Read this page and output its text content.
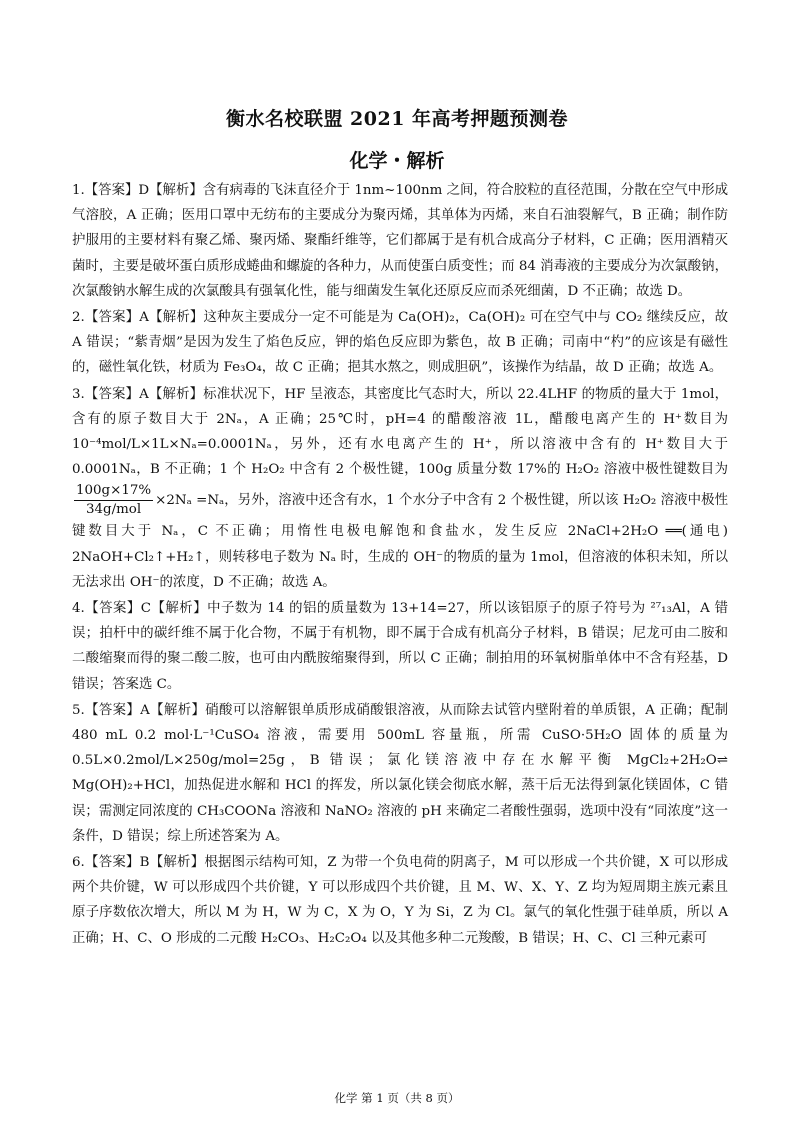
衡水名校联盟 2021 年高考押题预测卷
化学・解析

1.【答案】D【解析】含有病毒的飞沫直径介于 1nm~100nm 之间，符合胶粒的直径范围，分散在空气中形成气溶胶，A 正确；医用口罩中无纺布的主要成分为聚丙烯，其单体为丙烯，来自石油裂解气，B 正确；制作防护服用的主要材料有聚乙烯、聚丙烯、聚酯纤维等，它们都属于是有机合成高分子材料，C 正确；医用酒精灭菌时，主要是破坏蛋白质形成蜷曲和螺旋的各种力，从而使蛋白质变性；而 84 消毒液的主要成分为次氯酸钠，次氯酸钠水解生成的次氯酸具有强氧化性，能与细菌发生氧化还原反应而杀死细菌，D 不正确；故选 D。

2.【答案】A【解析】这种灰主要成分一定不可能是为 Ca(OH)₂，Ca(OH)₂ 可在空气中与 CO₂ 继续反应，故 A 错误；“紫青烟”是因为发生了焰色反应，钾的焰色反应即为紫色，故 B 正确；司南中“杓”的应该是有磁性的，磁性氧化铁，材质为 Fe₃O₄，故 C 正确；挹其水熬之，则成胆矾”，该操作为结晶，故 D 正确；故选 A。

3.【答案】A【解析】标准状况下，HF 呈液态，其密度比气态时大，所以 22.4LHF 的物质的量大于 1mol，含有的原子数目大于 2Nₐ，A 正确；25℃时，pH=4 的醋酸溶液 1L，醋酸电离产生的 H⁺数目为 10⁻⁴mol/L×1L×Nₐ=0.0001Nₐ，另外，还有水电离产生的 H⁺，所以溶液中含有的 H⁺数目大于 0.0001Nₐ，B 不正确；1 个 H₂O₂ 中含有 2 个极性键，100g 质量分数 17%的 H₂O₂ 溶液中极性键数目为
$\frac{100g\times 17\%}{\text{34g/mol}} \times 2N_a =N_a$，另外，溶液中还含有水，1 个水分子中含有 2 个极性键，所以该 H₂O₂ 溶液中极性键数目大于 Nₐ，C 不正确；用惰性电极电解饱和食盐水，发生反应 2NaCl+2H₂O ══(通电) 2NaOH+Cl₂↑+H₂↑，则转移电子数为 Nₐ 时，生成的 OH⁻的物质的量为 1mol，但溶液的体积未知，所以无法求出 OH⁻的浓度，D 不正确；故选 A。

4.【答案】C【解析】中子数为 14 的铝的质量数为 13+14=27，所以该铝原子的原子符号为 ²⁷₁₃Al，A 错误；拍杆中的碳纤维不属于化合物，不属于有机物，即不属于合成有机高分子材料，B 错误；尼龙可由二胺和二酸缩聚而得的聚二酸二胺，也可由内酰胺缩聚得到，所以 C 正确；制拍用的环氧树脂单体中不含有羟基，D 错误；答案选 C。

5.【答案】A【解析】硝酸可以溶解银单质形成硝酸银溶液，从而除去试管内壁附着的单质银，A 正确；配制 480 mL 0.2 mol·L⁻¹CuSO₄ 溶液，需要用 500mL 容量瓶，所需 CuSO·5H₂O 固体的质量为 0.5L×0.2mol/L×250g/mol=25g，B 错误；氯化镁溶液中存在水解平衡 MgCl₂+2H₂O⇌ Mg(OH)₂+HCl，加热促进水解和 HCl 的挥发，所以氯化镁会彻底水解，蒸干后无法得到氯化镁固体，C 错误；需测定同浓度的 CH₃COONa 溶液和 NaNO₂ 溶液的 pH 来确定二者酸性强弱，选项中没有“同浓度”这一条件，D 错误；综上所述答案为 A。

6.【答案】B【解析】根据图示结构可知，Z 为带一个负电荷的阴离子，M 可以形成一个共价键，X 可以形成两个共价键，W 可以形成四个共价键，Y 可以形成四个共价键，且 M、W、X、Y、Z 均为短周期主族元素且原子序数依次增大，所以 M 为 H，W 为 C，X 为 O，Y 为 Si，Z 为 Cl。氯气的氧化性强于硅单质，所以 A 正确；H、C、O 形成的二元酸 H₂CO₃、H₂C₂O₄ 以及其他多种二元羧酸，B 错误；H、C、Cl 三种元素可

化学 第 1 页（共 8 页）
